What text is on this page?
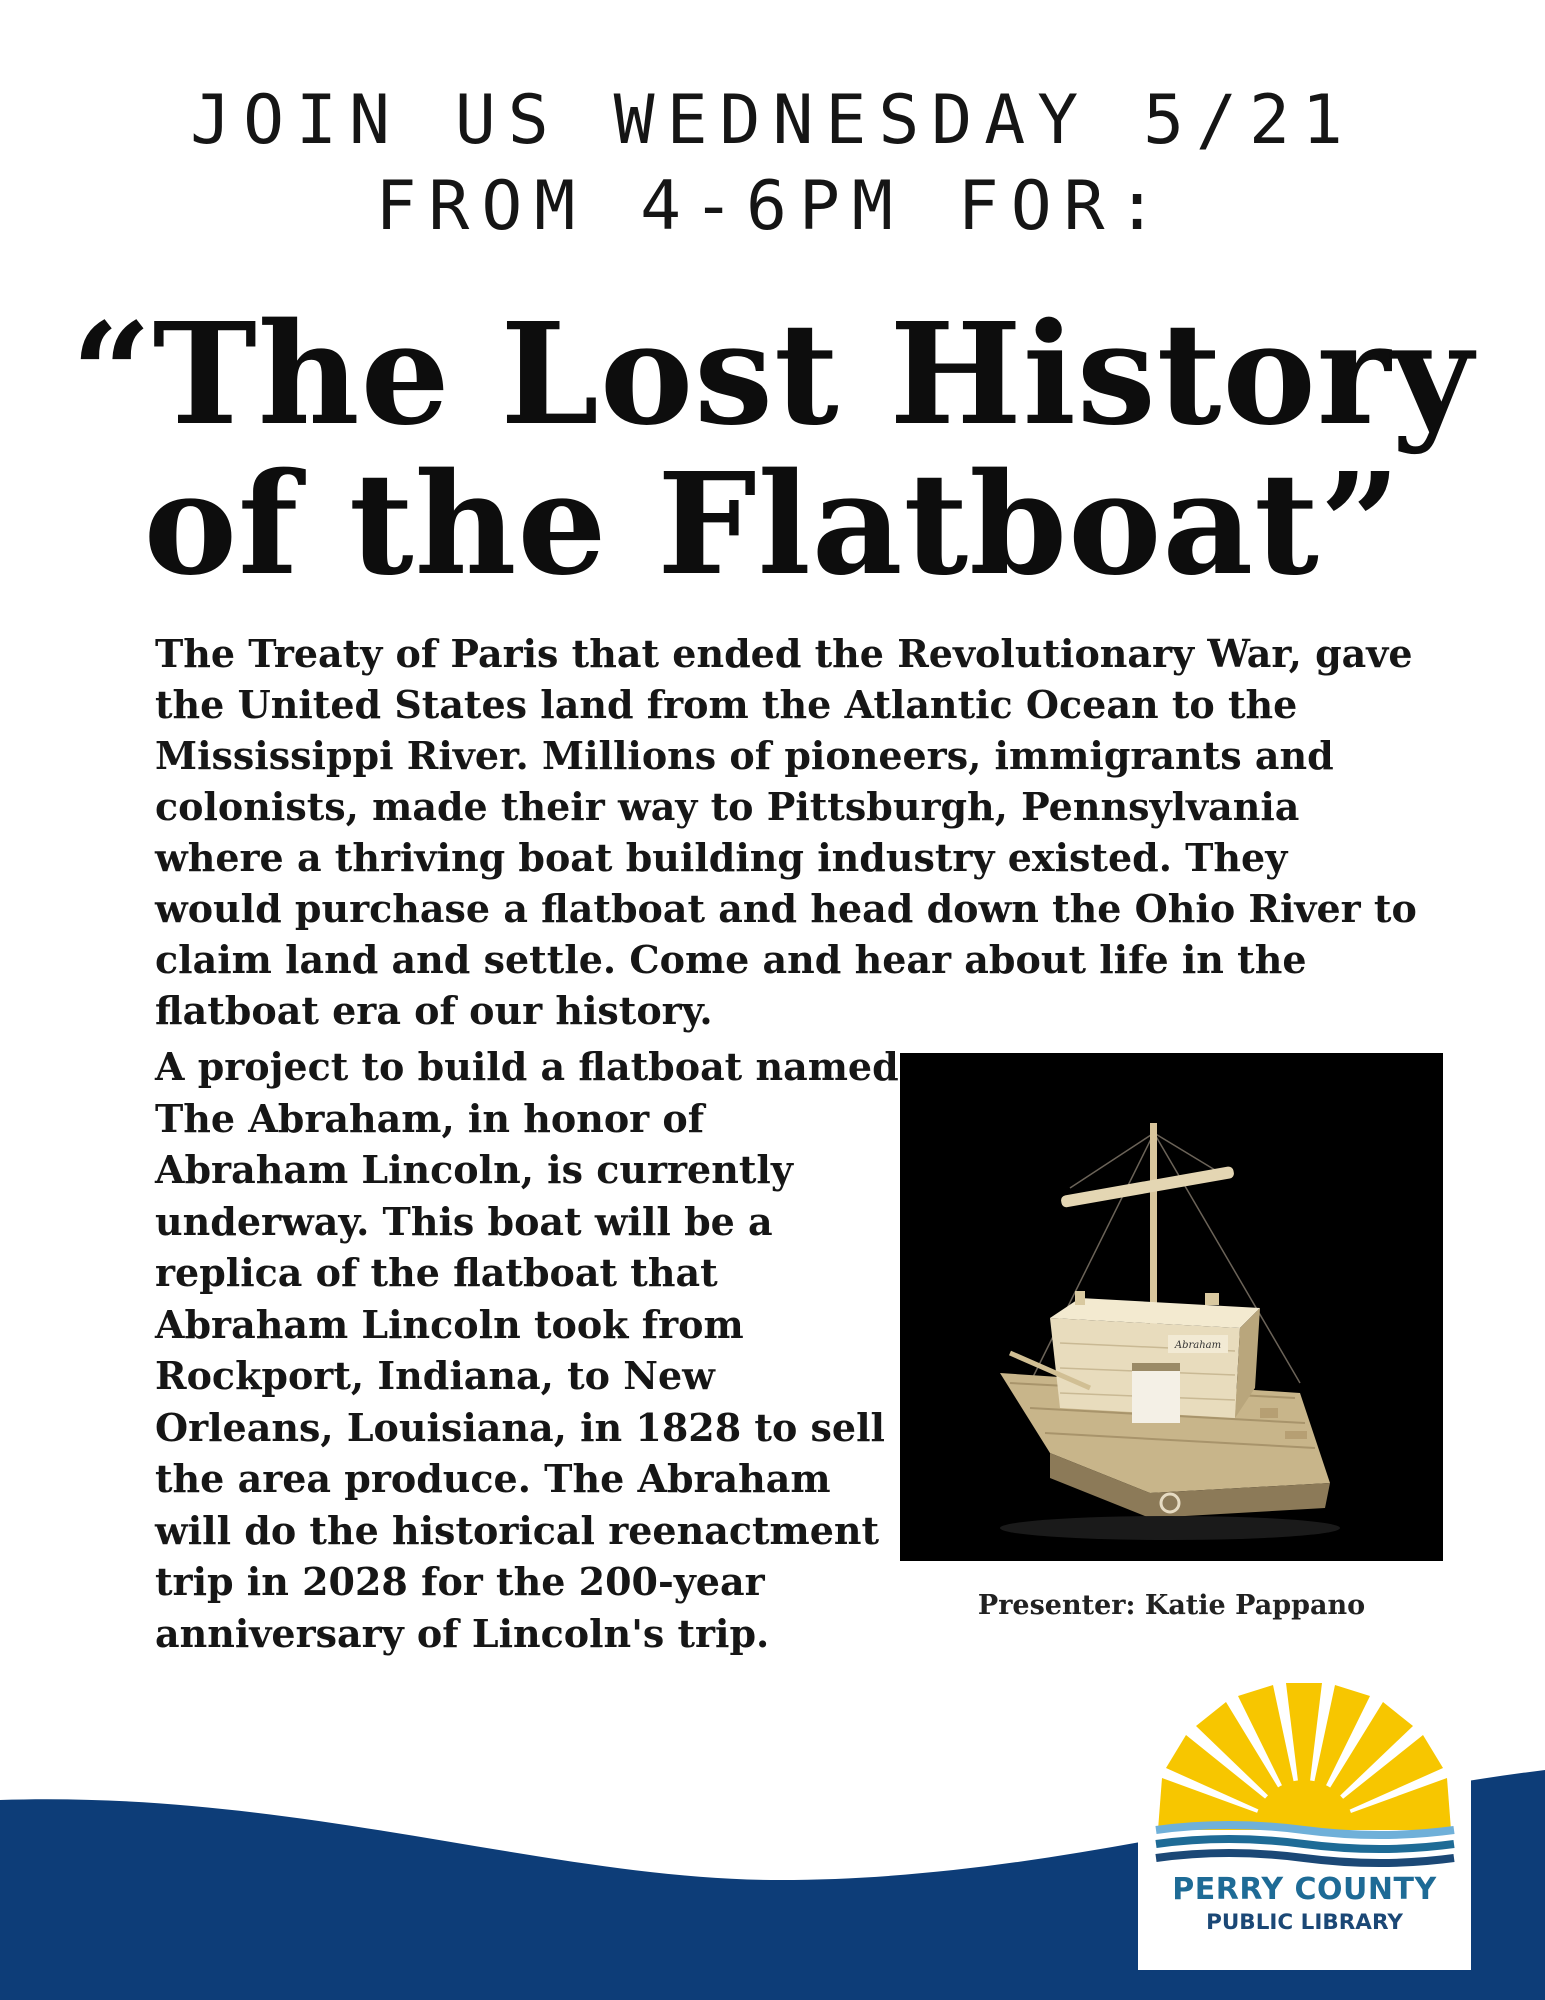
JOIN US WEDNESDAY 5/21
FROM 4-6PM FOR:
“The Lost History
of the Flatboat”

The Treaty of Paris that ended the Revolutionary War, gave the United States land from the Atlantic Ocean to the Mississippi River. Millions of pioneers, immigrants and colonists, made their way to Pittsburgh, Pennsylvania where a thriving boat building industry existed. They would purchase a flatboat and head down the Ohio River to claim land and settle. Come and hear about life in the flatboat era of our history.

A project to build a flatboat named The Abraham, in honor of Abraham Lincoln, is currently underway. This boat will be a replica of the flatboat that Abraham Lincoln took from Rockport, Indiana, to New Orleans, Louisiana, in 1828 to sell the area produce. The Abraham will do the historical reenactment trip in 2028 for the 200-year anniversary of Lincoln's trip.

Abraham
Presenter: Katie Pappano
PERRY COUNTY
PUBLIC LIBRARY
